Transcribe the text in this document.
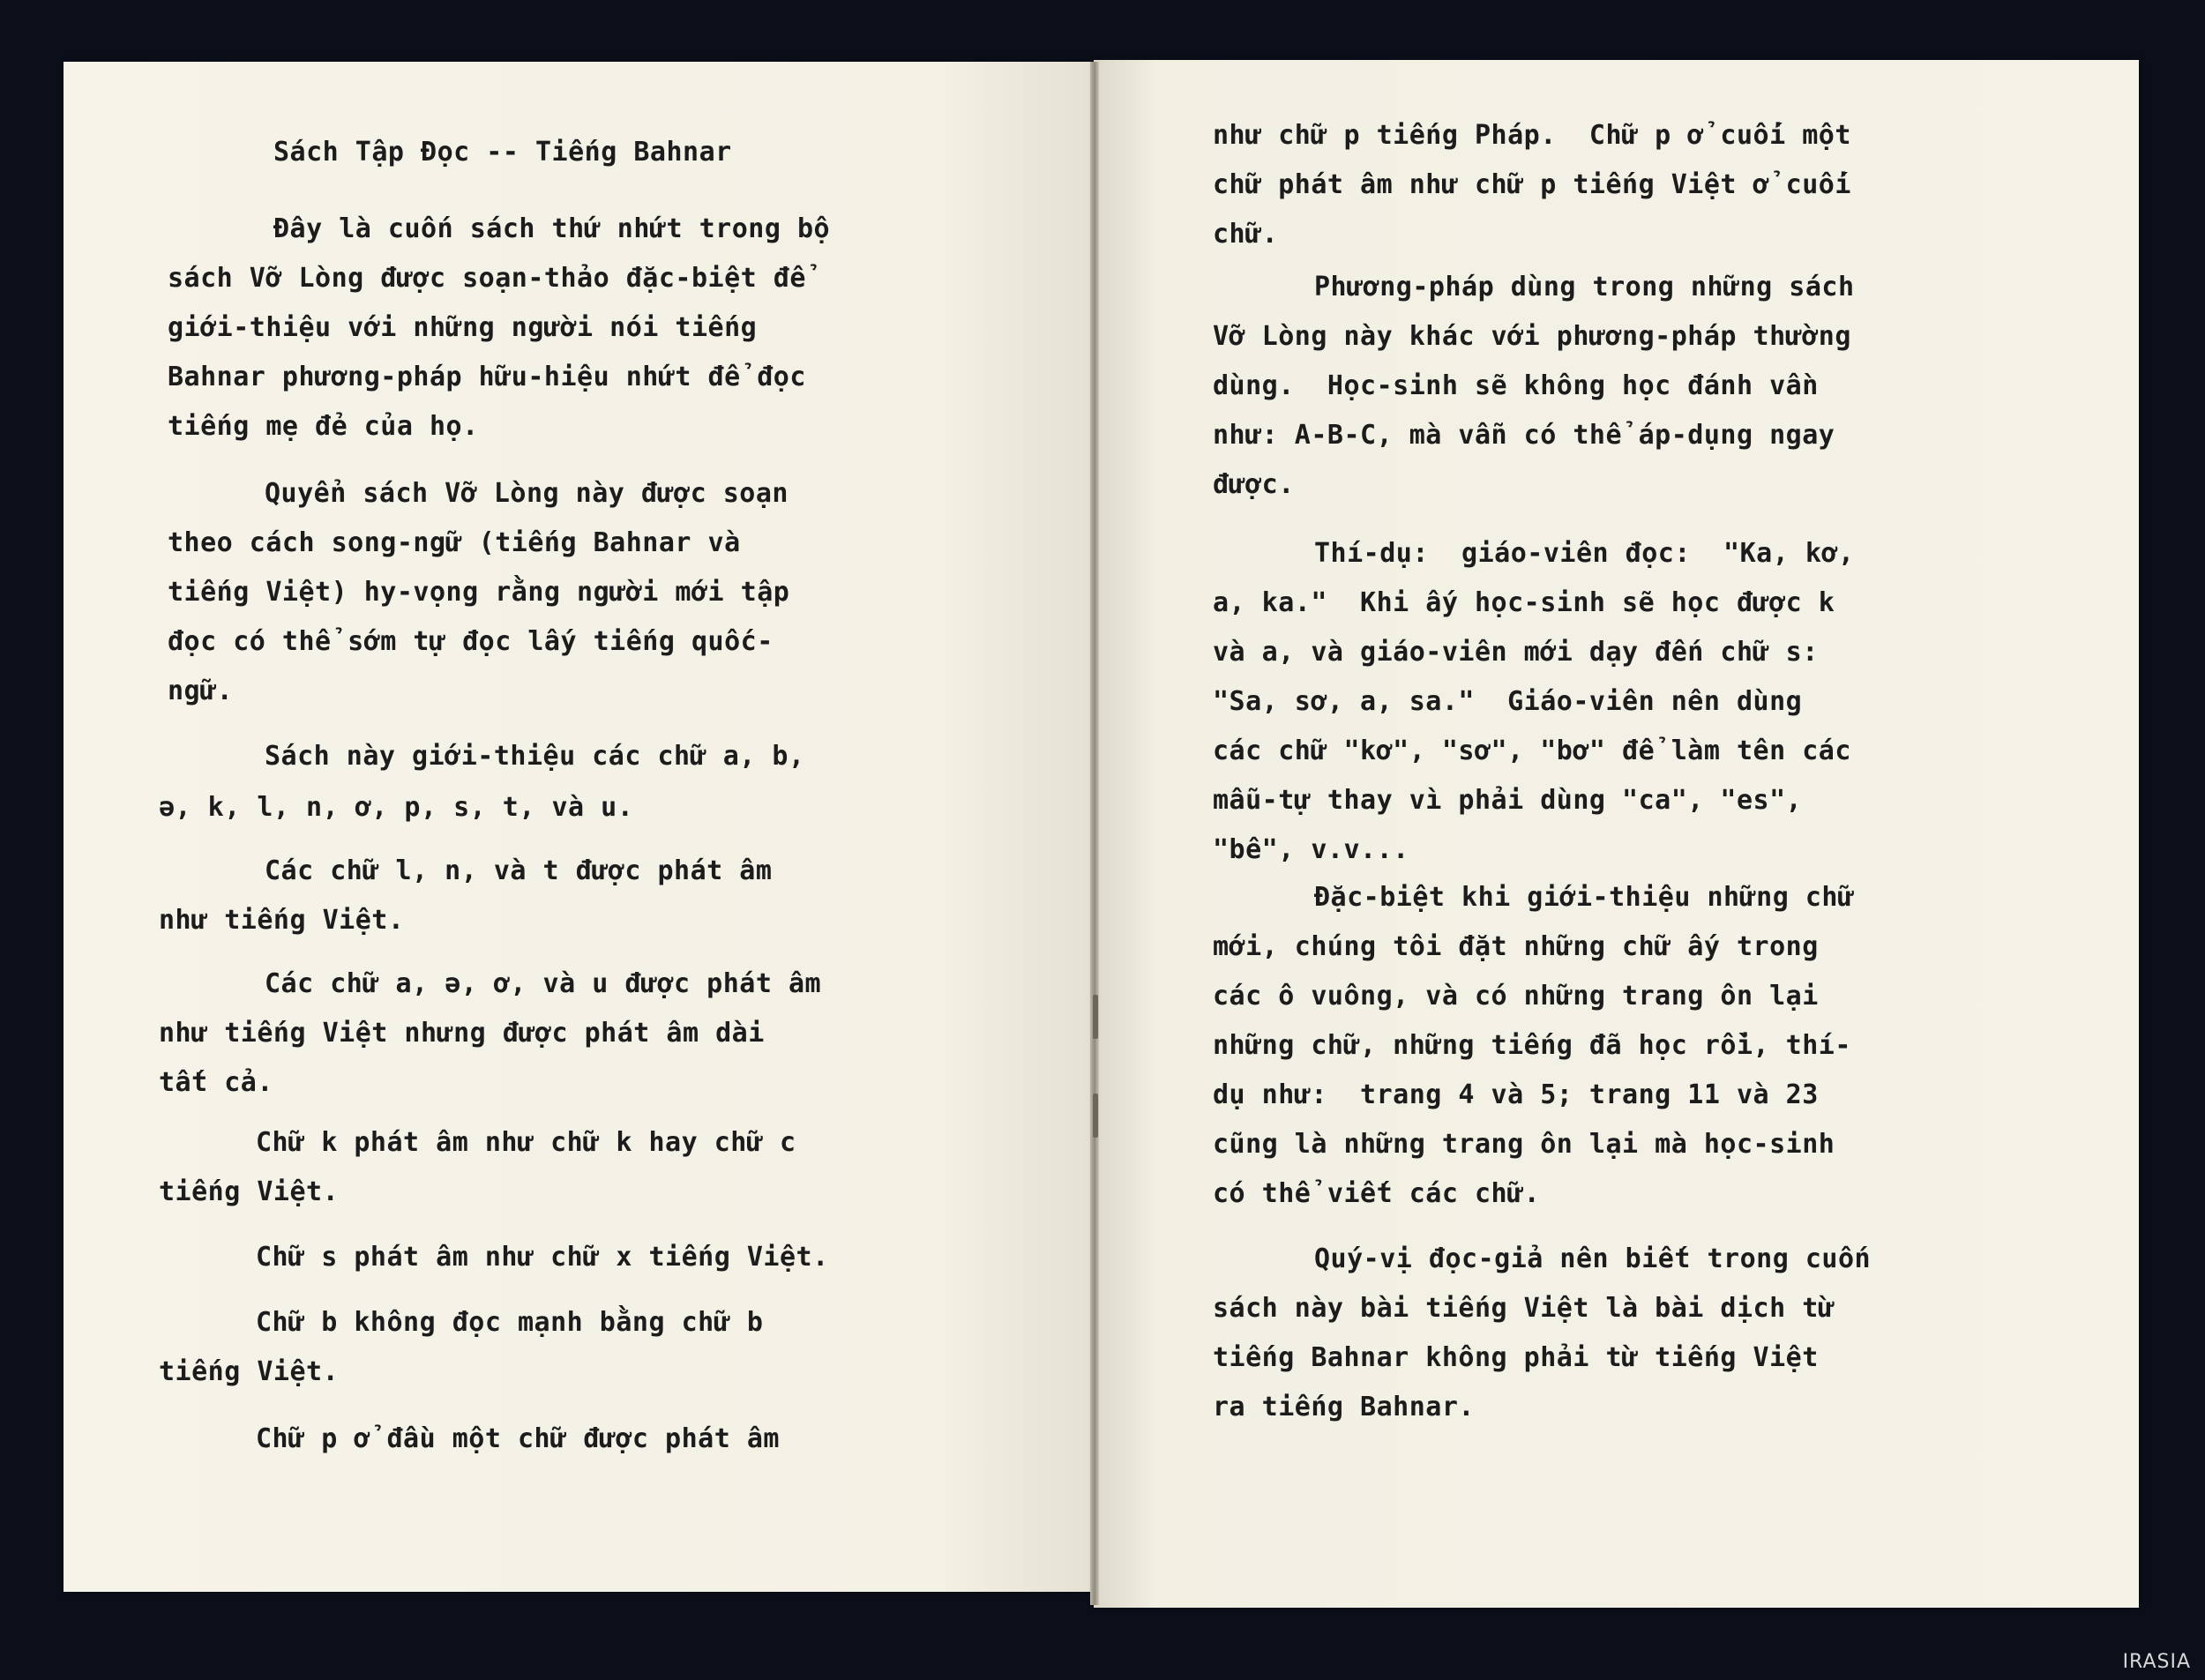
Sách Tập Đọc -- Tiếng Bahnar
Đây là cuốn sách thứ nhứt trong bộ
sách Vỡ Lòng được soạn-thảo đặc-biệt để
giới-thiệu với những người nói tiếng
Bahnar phương-pháp hữu-hiệu nhứt để đọc
tiếng mẹ đẻ của họ.
Quyển sách Vỡ Lòng này được soạn
theo cách song-ngữ (tiếng Bahnar và
tiếng Việt) hy-vọng rằng người mới tập
đọc có thể sớm tự đọc lấy tiếng quốc-
ngữ.
Sách này giới-thiệu các chữ a, b,
ə, k, l, n, ơ, p, s, t, và u.
Các chữ l, n, và t được phát âm
như tiếng Việt.
Các chữ a, ə, ơ, và u được phát âm
như tiếng Việt nhưng được phát âm dài
tất cả.
Chữ k phát âm như chữ k hay chữ c
tiếng Việt.
Chữ s phát âm như chữ x tiếng Việt.
Chữ b không đọc mạnh bằng chữ b
tiếng Việt.
Chữ p ở đầu một chữ được phát âm
như chữ p tiếng Pháp.  Chữ p ở cuối một
chữ phát âm như chữ p tiếng Việt ở cuối
chữ.
Phương-pháp dùng trong những sách
Vỡ Lòng này khác với phương-pháp thường
dùng.  Học-sinh sẽ không học đánh vần
như: A-B-C, mà vẫn có thể áp-dụng ngay
được.
Thí-dụ:  giáo-viên đọc:  "Ka, kơ,
a, ka."  Khi ấy học-sinh sẽ học được k
và a, và giáo-viên mới dạy đến chữ s:
"Sa, sơ, a, sa."  Giáo-viên nên dùng
các chữ "kơ", "sơ", "bơ" để làm tên các
mẫu-tự thay vì phải dùng "ca", "es",
"bê", v.v...
Đặc-biệt khi giới-thiệu những chữ
mới, chúng tôi đặt những chữ ấy trong
các ô vuông, và có những trang ôn lại
những chữ, những tiếng đã học rồi, thí-
dụ như:  trang 4 và 5; trang 11 và 23
cũng là những trang ôn lại mà học-sinh
có thể viết các chữ.
Quý-vị đọc-giả nên biết trong cuốn
sách này bài tiếng Việt là bài dịch từ
tiếng Bahnar không phải từ tiếng Việt
ra tiếng Bahnar.
IRASIA
